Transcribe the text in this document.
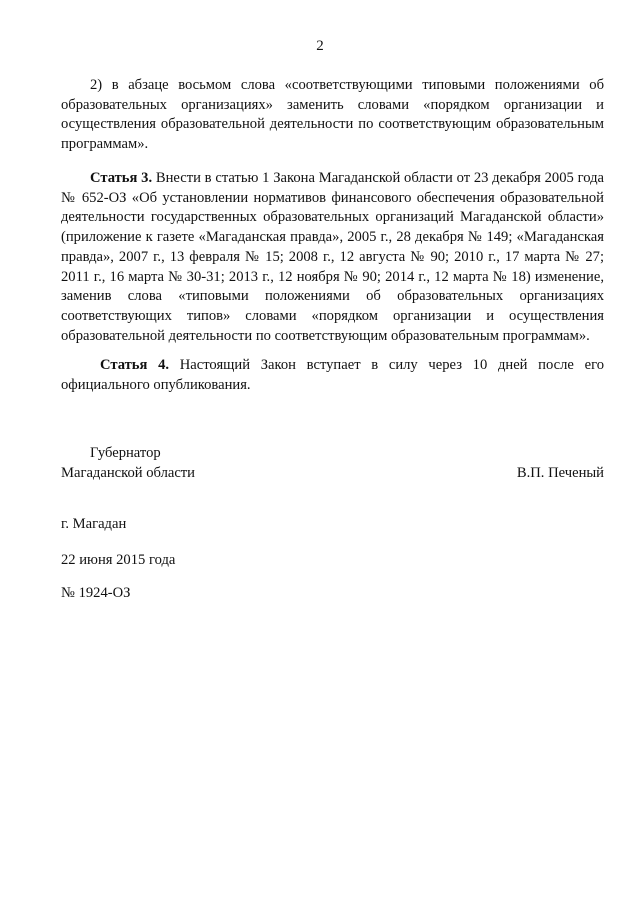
2

2) в абзаце восьмом слова «соответствующими типовыми положениями об образовательных организациях» заменить словами «порядком организации и осуществления образовательной деятельности по соответствующим образовательным программам».

Статья 3. Внести в статью 1 Закона Магаданской области от 23 декабря 2005 года № 652-ОЗ «Об установлении нормативов финансового обеспечения образовательной деятельности государственных образовательных организаций Магаданской области» (приложение к газете «Магаданская правда», 2005 г., 28 декабря № 149; «Магаданская правда», 2007 г., 13 февраля № 15; 2008 г., 12 августа № 90; 2010 г., 17 марта № 27; 2011 г., 16 марта № 30-31; 2013 г., 12 ноября № 90; 2014 г., 12 марта № 18) изменение, заменив слова «типовыми положениями об образовательных организациях соответствующих типов» словами «порядком организации и осуществления образовательной деятельности по соответствующим образовательным программам».

Статья 4. Настоящий Закон вступает в силу через 10 дней после его официального опубликования.

Губернатор
Магаданской области	В.П. Печеный

г. Магадан

22 июня 2015 года

№ 1924-ОЗ
